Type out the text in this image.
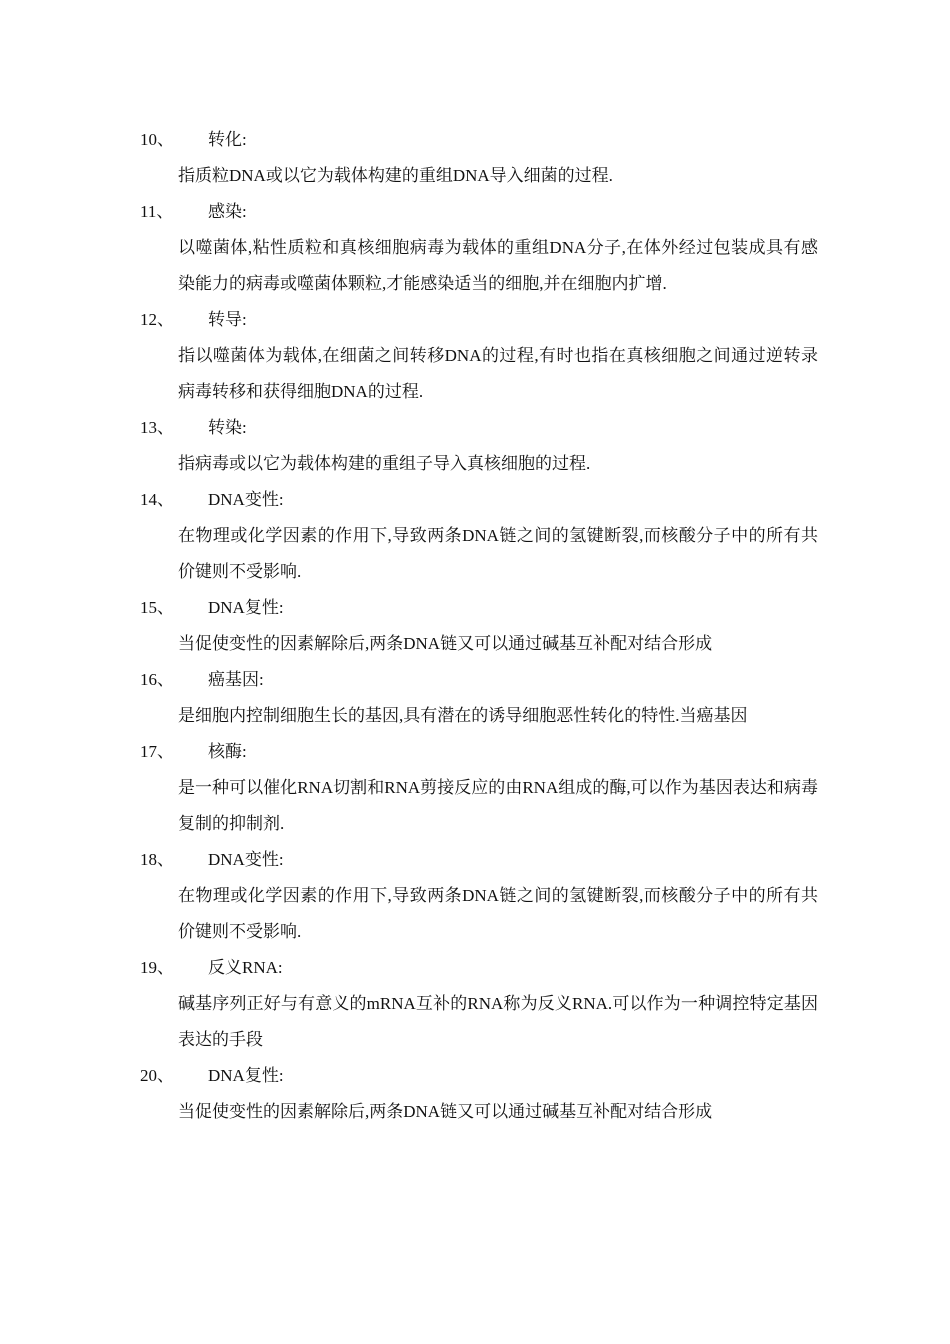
10、	转化:

指质粒DNA或以它为载体构建的重组DNA导入细菌的过程.

11、	感染:

以噬菌体,粘性质粒和真核细胞病毒为载体的重组DNA分子,在体外经过包装成具有感染能力的病毒或噬菌体颗粒,才能感染适当的细胞,并在细胞内扩增.

12、	转导:

指以噬菌体为载体,在细菌之间转移DNA的过程,有时也指在真核细胞之间通过逆转录病毒转移和获得细胞DNA的过程.

13、	转染:

指病毒或以它为载体构建的重组子导入真核细胞的过程.

14、	DNA变性:

在物理或化学因素的作用下,导致两条DNA链之间的氢键断裂,而核酸分子中的所有共价键则不受影响.

15、	DNA复性:

当促使变性的因素解除后,两条DNA链又可以通过碱基互补配对结合形成

16、	癌基因:

是细胞内控制细胞生长的基因,具有潜在的诱导细胞恶性转化的特性.当癌基因

17、	核酶:

是一种可以催化RNA切割和RNA剪接反应的由RNA组成的酶,可以作为基因表达和病毒复制的抑制剂.

18、	DNA变性:

在物理或化学因素的作用下,导致两条DNA链之间的氢键断裂,而核酸分子中的所有共价键则不受影响.

19、	反义RNA:

碱基序列正好与有意义的mRNA互补的RNA称为反义RNA.可以作为一种调控特定基因表达的手段

20、	DNA复性:

当促使变性的因素解除后,两条DNA链又可以通过碱基互补配对结合形成
